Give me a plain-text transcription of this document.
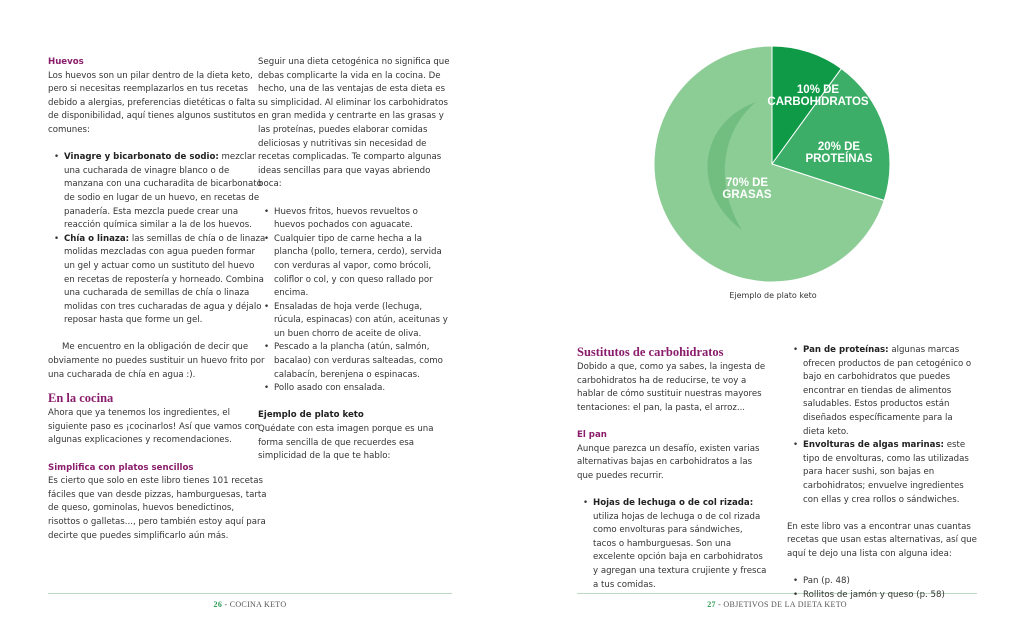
Huevos

Los huevos son un pilar dentro de la dieta keto, pero si necesitas reemplazarlos en tus recetas debido a alergias, preferencias dietéticas o falta de disponibilidad, aquí tienes algunos sustitutos comunes:

• Vinagre y bicarbonato de sodio: mezclar una cucharada de vinagre blanco o de manzana con una cucharadita de bicarbonato de sodio en lugar de un huevo, en recetas de panadería. Esta mezcla puede crear una reacción química similar a la de los huevos.
• Chía o linaza: las semillas de chía o de linaza molidas mezcladas con agua pueden formar un gel y actuar como un sustituto del huevo en recetas de repostería y horneado. Combina una cucharada de semillas de chía o linaza molidas con tres cucharadas de agua y déjalo reposar hasta que forme un gel.

Me encuentro en la obligación de decir que obviamente no puedes sustituir un huevo frito por una cucharada de chía en agua :).

En la cocina

Ahora que ya tenemos los ingredientes, el siguiente paso es ¡cocinarlos! Así que vamos con algunas explicaciones y recomendaciones.

Simplifica con platos sencillos

Es cierto que solo en este libro tienes 101 recetas fáciles que van desde pizzas, hamburguesas, tarta de queso, gominolas, huevos benedictinos, risottos o galletas..., pero también estoy aquí para decirte que puedes simplificarlo aún más.

Seguir una dieta cetogénica no significa que debas complicarte la vida en la cocina. De hecho, una de las ventajas de esta dieta es su simplicidad. Al eliminar los carbohidratos en gran medida y centrarte en las grasas y las proteínas, puedes elaborar comidas deliciosas y nutritivas sin necesidad de recetas complicadas. Te comparto algunas ideas sencillas para que vayas abriendo boca:

• Huevos fritos, huevos revueltos o huevos pochados con aguacate.
• Cualquier tipo de carne hecha a la plancha (pollo, ternera, cerdo), servida con verduras al vapor, como brócoli, coliflor o col, y con queso rallado por encima.
• Ensaladas de hoja verde (lechuga, rúcula, espinacas) con atún, aceitunas y un buen chorro de aceite de oliva.
• Pescado a la plancha (atún, salmón, bacalao) con verduras salteadas, como calabacín, berenjena o espinacas.
• Pollo asado con ensalada.

Ejemplo de plato keto

Quédate con esta imagen porque es una forma sencilla de que recuerdes esa simplicidad de la que te hablo:

26 - COCINA KETO	27 - OBJETIVOS DE LA DIETA KETO
10% DE
CARBOHIDRATOS
20% DE
PROTEÍNAS
70% DE
GRASAS
Ejemplo de plato keto

Sustitutos de carbohidratos

Dobido a que, como ya sabes, la ingesta de carbohidratos ha de reducirse, te voy a hablar de cómo sustituir nuestras mayores tentaciones: el pan, la pasta, el arroz...

El pan

Aunque parezca un desafío, existen varias alternativas bajas en carbohidratos a las que puedes recurrir.

• Hojas de lechuga o de col rizada: utiliza hojas de lechuga o de col rizada como envolturas para sándwiches, tacos o hamburguesas. Son una excelente opción baja en carbohidratos y agregan una textura crujiente y fresca a tus comidas.
• Pan de proteínas: algunas marcas ofrecen productos de pan cetogénico o bajo en carbohidratos que puedes encontrar en tiendas de alimentos saludables. Estos productos están diseñados específicamente para la dieta keto.
• Envolturas de algas marinas: este tipo de envolturas, como las utilizadas para hacer sushi, son bajas en carbohidratos; envuelve ingredientes con ellas y crea rollos o sándwiches.

En este libro vas a encontrar unas cuantas recetas que usan estas alternativas, así que aquí te dejo una lista con alguna idea:

• Pan (p. 48)
• Rollitos de jamón y queso (p. 58)
